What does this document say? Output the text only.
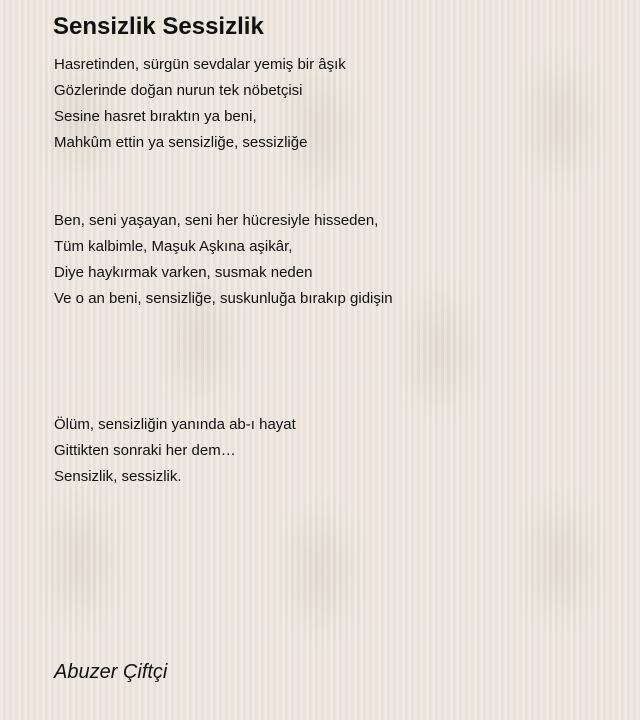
Sensizlik Sessizlik
Hasretinden, sürgün sevdalar yemiş bir âşık
Gözlerinde doğan nurun tek nöbetçisi
Sesine hasret bıraktın ya beni,
Mahkûm ettin ya sensizliğe, sessizliğe
Ben, seni yaşayan, seni her hücresiyle hisseden,
Tüm kalbimle, Maşuk Aşkına aşikâr,
Diye haykırmak varken, susmak neden
Ve o an beni, sensizliğe, suskunluğa bırakıp gidişin
Ölüm, sensizliğin yanında ab-ı hayat
Gittikten sonraki her dem…
Sensizlik, sessizlik.
Abuzer Çiftçi
